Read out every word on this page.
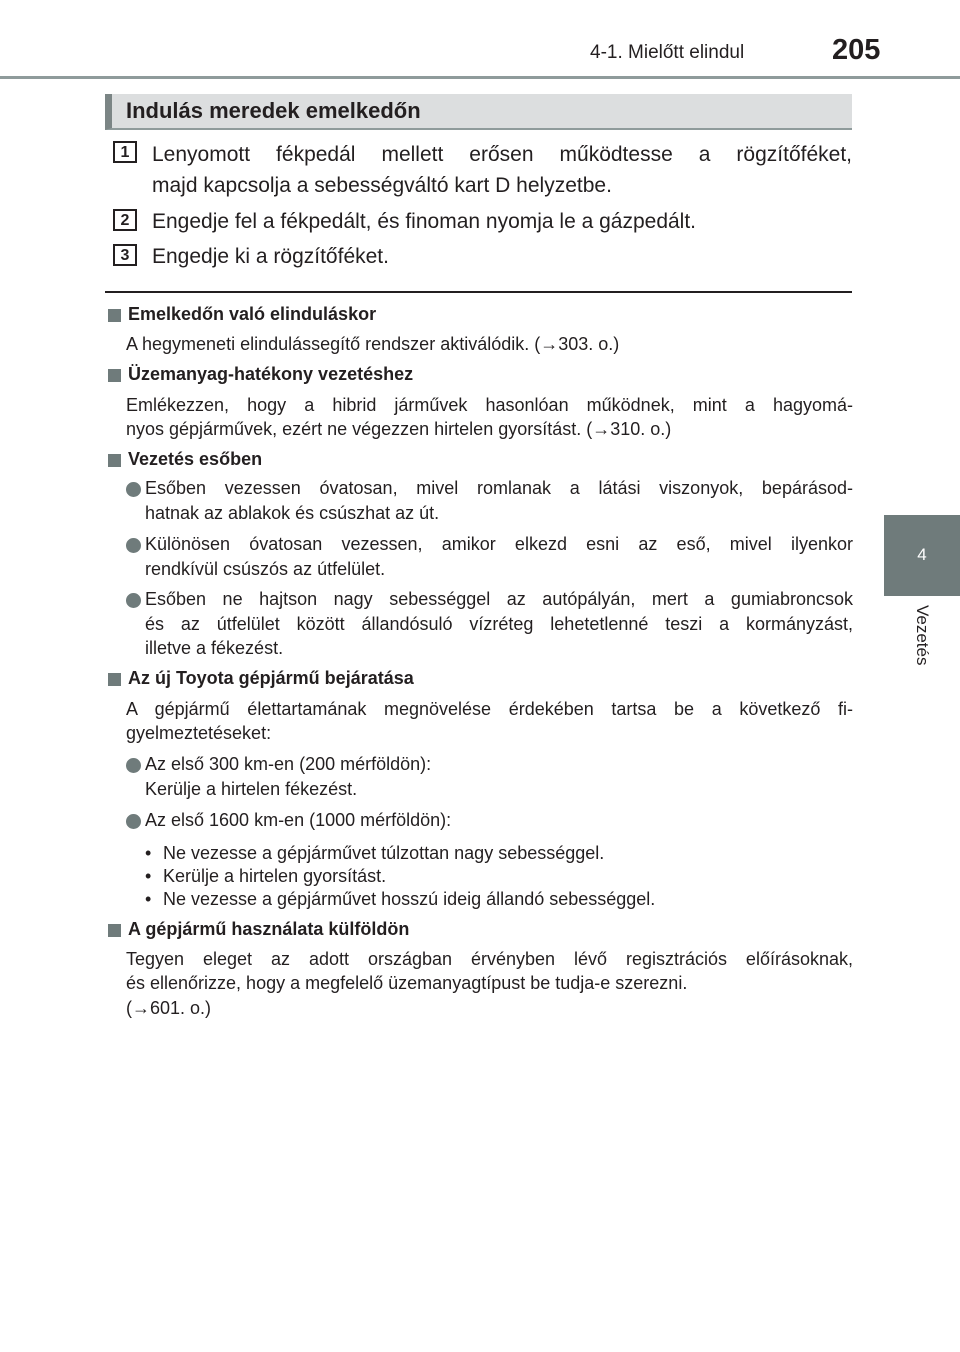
4-1. Mielőtt elindul	205
4
Vezetés
Indulás meredek emelkedőn
1	Lenyomott fékpedál mellett erősen működtesse a rögzítőféket,
majd kapcsolja a sebességváltó kart D helyzetbe.
2	Engedje fel a fékpedált, és finoman nyomja le a gázpedált.
3	Engedje ki a rögzítőféket.
Emelkedőn való elinduláskor
A hegymeneti elindulássegítő rendszer aktiválódik. (→303. o.)
Üzemanyag-hatékony vezetéshez
Emlékezzen, hogy a hibrid járművek hasonlóan működnek, mint a hagyomá-
nyos gépjárművek, ezért ne végezzen hirtelen gyorsítást. (→310. o.)
Vezetés esőben
Esőben vezessen óvatosan, mivel romlanak a látási viszonyok, bepárásod-
hatnak az ablakok és csúszhat az út.
Különösen óvatosan vezessen, amikor elkezd esni az eső, mivel ilyenkor
rendkívül csúszós az útfelület.
Esőben ne hajtson nagy sebességgel az autópályán, mert a gumiabroncsok
és az útfelület között állandósuló vízréteg lehetetlenné teszi a kormányzást,
illetve a fékezést.
Az új Toyota gépjármű bejáratása
A gépjármű élettartamának megnövelése érdekében tartsa be a következő fi-
gyelmeztetéseket:
Az első 300 km-en (200 mérföldön):
Kerülje a hirtelen fékezést.
Az első 1600 km-en (1000 mérföldön):
• Ne vezesse a gépjárművet túlzottan nagy sebességgel.
• Kerülje a hirtelen gyorsítást.
• Ne vezesse a gépjárművet hosszú ideig állandó sebességgel.
A gépjármű használata külföldön
Tegyen eleget az adott országban érvényben lévő regisztrációs előírásoknak,
és ellenőrizze, hogy a megfelelő üzemanyagtípust be tudja-e szerezni.
(→601. o.)
